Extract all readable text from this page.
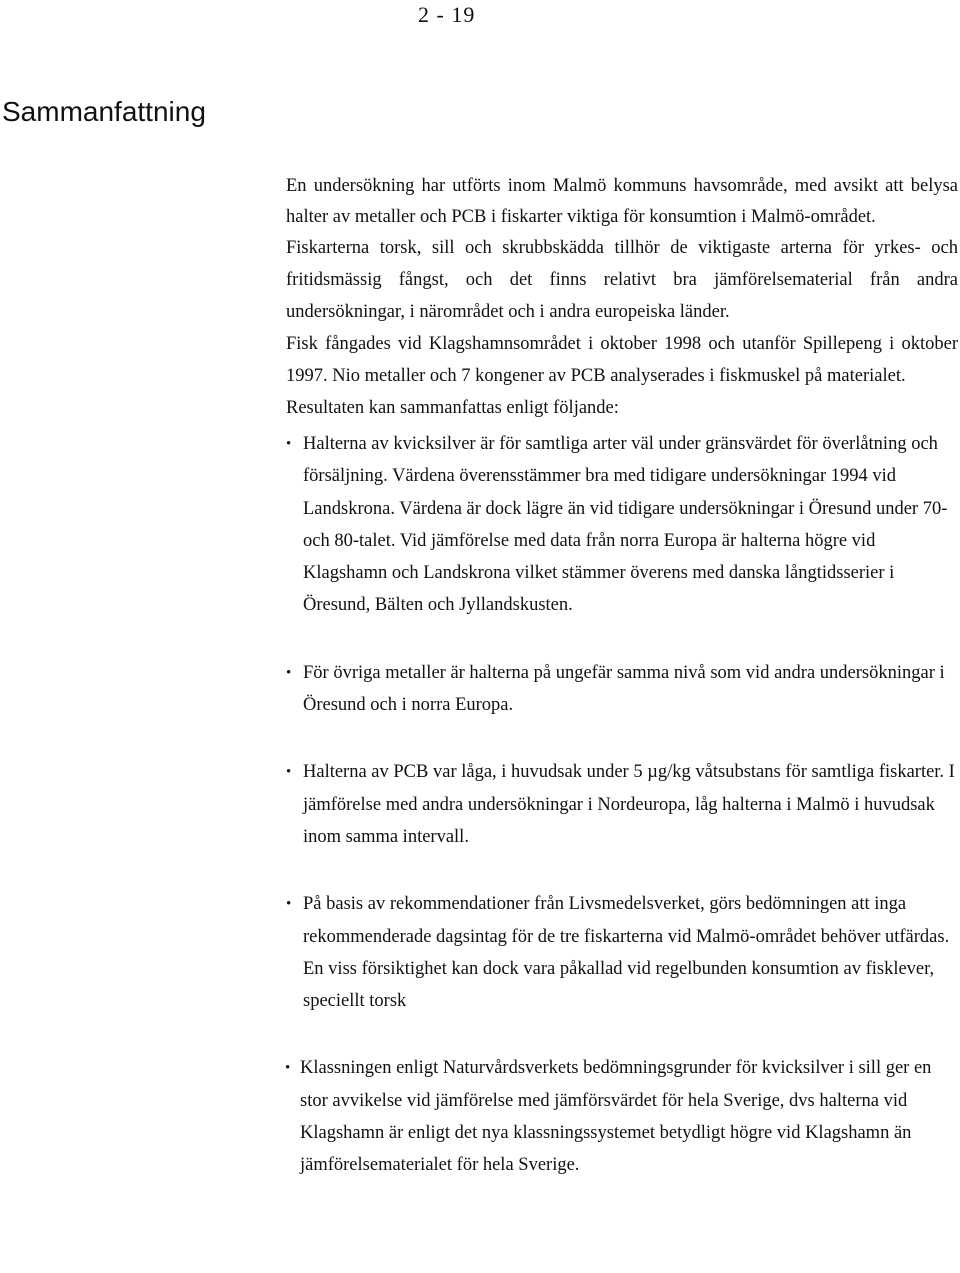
2 - 19
Sammanfattning

En undersökning har utförts inom Malmö kommuns havsområde, med avsikt att belysa halter av metaller och PCB i fiskarter viktiga för konsumtion i Malmö-området.

Fiskarterna torsk, sill och skrubbskädda tillhör de viktigaste arterna för yrkes- och fritidsmässig fångst, och det finns relativt bra jämförelsematerial från andra undersökningar, i närområdet och i andra europeiska länder.

Fisk fångades vid Klagshamnsområdet i oktober 1998 och utanför Spillepeng i oktober 1997. Nio metaller och 7 kongener av PCB analyserades i fiskmuskel på materialet.

Resultaten kan sammanfattas enligt följande:

• Halterna av kvicksilver är för samtliga arter väl under gränsvärdet för överlåtning och försäljning. Värdena överensstämmer bra med tidigare undersökningar 1994 vid Landskrona. Värdena är dock lägre än vid tidigare undersökningar i Öresund under 70- och 80-talet. Vid jämförelse med data från norra Europa är halterna högre vid Klagshamn och Landskrona vilket stämmer överens med danska långtidsserier i Öresund, Bälten och Jyllandskusten.
• För övriga metaller är halterna på ungefär samma nivå som vid andra undersökningar i Öresund och i norra Europa.
• Halterna av PCB var låga, i huvudsak under 5 µg/kg våtsubstans för samtliga fiskarter. I jämförelse med andra undersökningar i Nordeuropa, låg halterna i Malmö i huvudsak inom samma intervall.
• På basis av rekommendationer från Livsmedelsverket, görs bedömningen att inga rekommenderade dagsintag för de tre fiskarterna vid Malmö-området behöver utfärdas. En viss försiktighet kan dock vara påkallad vid regelbunden konsumtion av fisklever, speciellt torsk
• Klassningen enligt Naturvårdsverkets bedömningsgrunder för kvicksilver i sill ger en stor avvikelse vid jämförelse med jämförsvärdet för hela Sverige, dvs halterna vid Klagshamn är enligt det nya klassningssystemet betydligt högre vid Klagshamn än jämförelsematerialet för hela Sverige.
